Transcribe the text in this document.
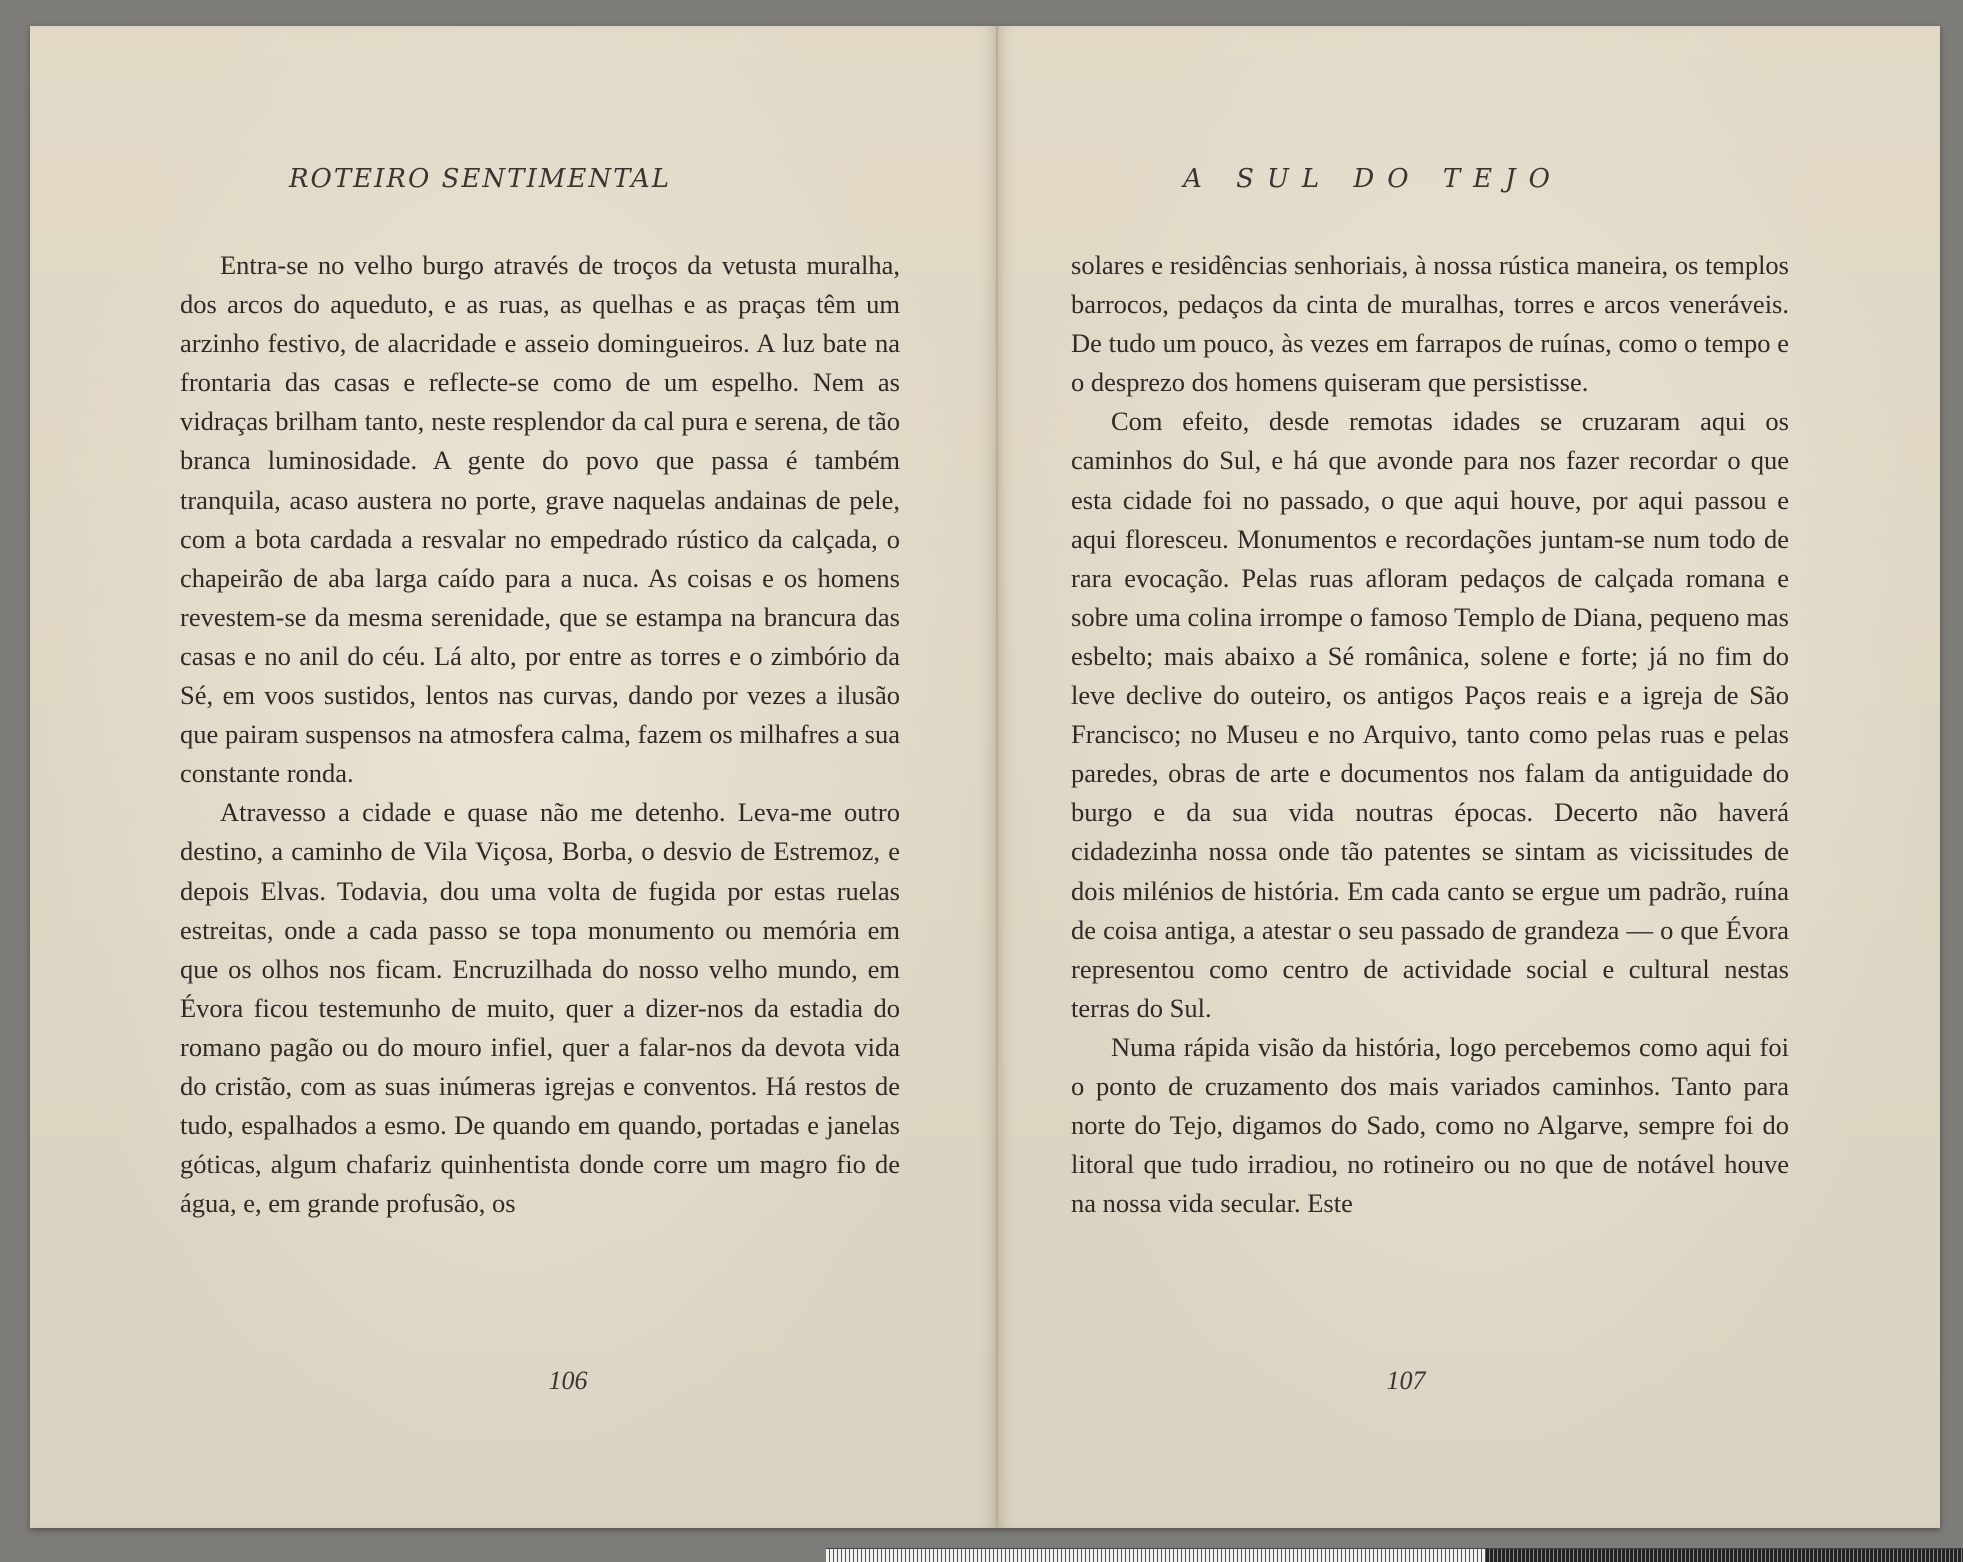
ROTEIRO SENTIMENTAL

Entra-se no velho burgo através de troços da vetusta muralha, dos arcos do aqueduto, e as ruas, as quelhas e as praças têm um arzinho festivo, de alacridade e asseio domingueiros. A luz bate na frontaria das casas e reflecte-se como de um espelho. Nem as vidraças brilham tanto, neste resplendor da cal pura e serena, de tão branca luminosidade. A gente do povo que passa é também tranquila, acaso austera no porte, grave naquelas andainas de pele, com a bota cardada a resvalar no empedrado rústico da calçada, o chapeirão de aba larga caído para a nuca. As coisas e os homens revestem-se da mesma serenidade, que se estampa na brancura das casas e no anil do céu. Lá alto, por entre as torres e o zimbório da Sé, em voos sustidos, lentos nas curvas, dando por vezes a ilusão que pairam suspensos na atmosfera calma, fazem os milhafres a sua constante ronda.

Atravesso a cidade e quase não me detenho. Leva-me outro destino, a caminho de Vila Viçosa, Borba, o desvio de Estremoz, e depois Elvas. Todavia, dou uma volta de fugida por estas ruelas estreitas, onde a cada passo se topa monumento ou memória em que os olhos nos ficam. Encruzilhada do nosso velho mundo, em Évora ficou testemunho de muito, quer a dizer-nos da estadia do romano pagão ou do mouro infiel, quer a falar-nos da devota vida do cristão, com as suas inúmeras igrejas e conventos. Há restos de tudo, espalhados a esmo. De quando em quando, portadas e janelas góticas, algum chafariz quinhentista donde corre um magro fio de água, e, em grande profusão, os

106
A SUL DO TEJO

solares e residências senhoriais, à nossa rústica maneira, os templos barrocos, pedaços da cinta de muralhas, torres e arcos veneráveis. De tudo um pouco, às vezes em farrapos de ruínas, como o tempo e o desprezo dos homens quiseram que persistisse.

Com efeito, desde remotas idades se cruzaram aqui os caminhos do Sul, e há que avonde para nos fazer recordar o que esta cidade foi no passado, o que aqui houve, por aqui passou e aqui floresceu. Monumentos e recordações juntam-se num todo de rara evocação. Pelas ruas afloram pedaços de calçada romana e sobre uma colina irrompe o famoso Templo de Diana, pequeno mas esbelto; mais abaixo a Sé românica, solene e forte; já no fim do leve declive do outeiro, os antigos Paços reais e a igreja de São Francisco; no Museu e no Arquivo, tanto como pelas ruas e pelas paredes, obras de arte e documentos nos falam da antiguidade do burgo e da sua vida noutras épocas. Decerto não haverá cidadezinha nossa onde tão patentes se sintam as vicissitudes de dois milénios de história. Em cada canto se ergue um padrão, ruína de coisa antiga, a atestar o seu passado de grandeza — o que Évora representou como centro de actividade social e cultural nestas terras do Sul.

Numa rápida visão da história, logo percebemos como aqui foi o ponto de cruzamento dos mais variados caminhos. Tanto para norte do Tejo, digamos do Sado, como no Algarve, sempre foi do litoral que tudo irradiou, no rotineiro ou no que de notável houve na nossa vida secular. Este

107
